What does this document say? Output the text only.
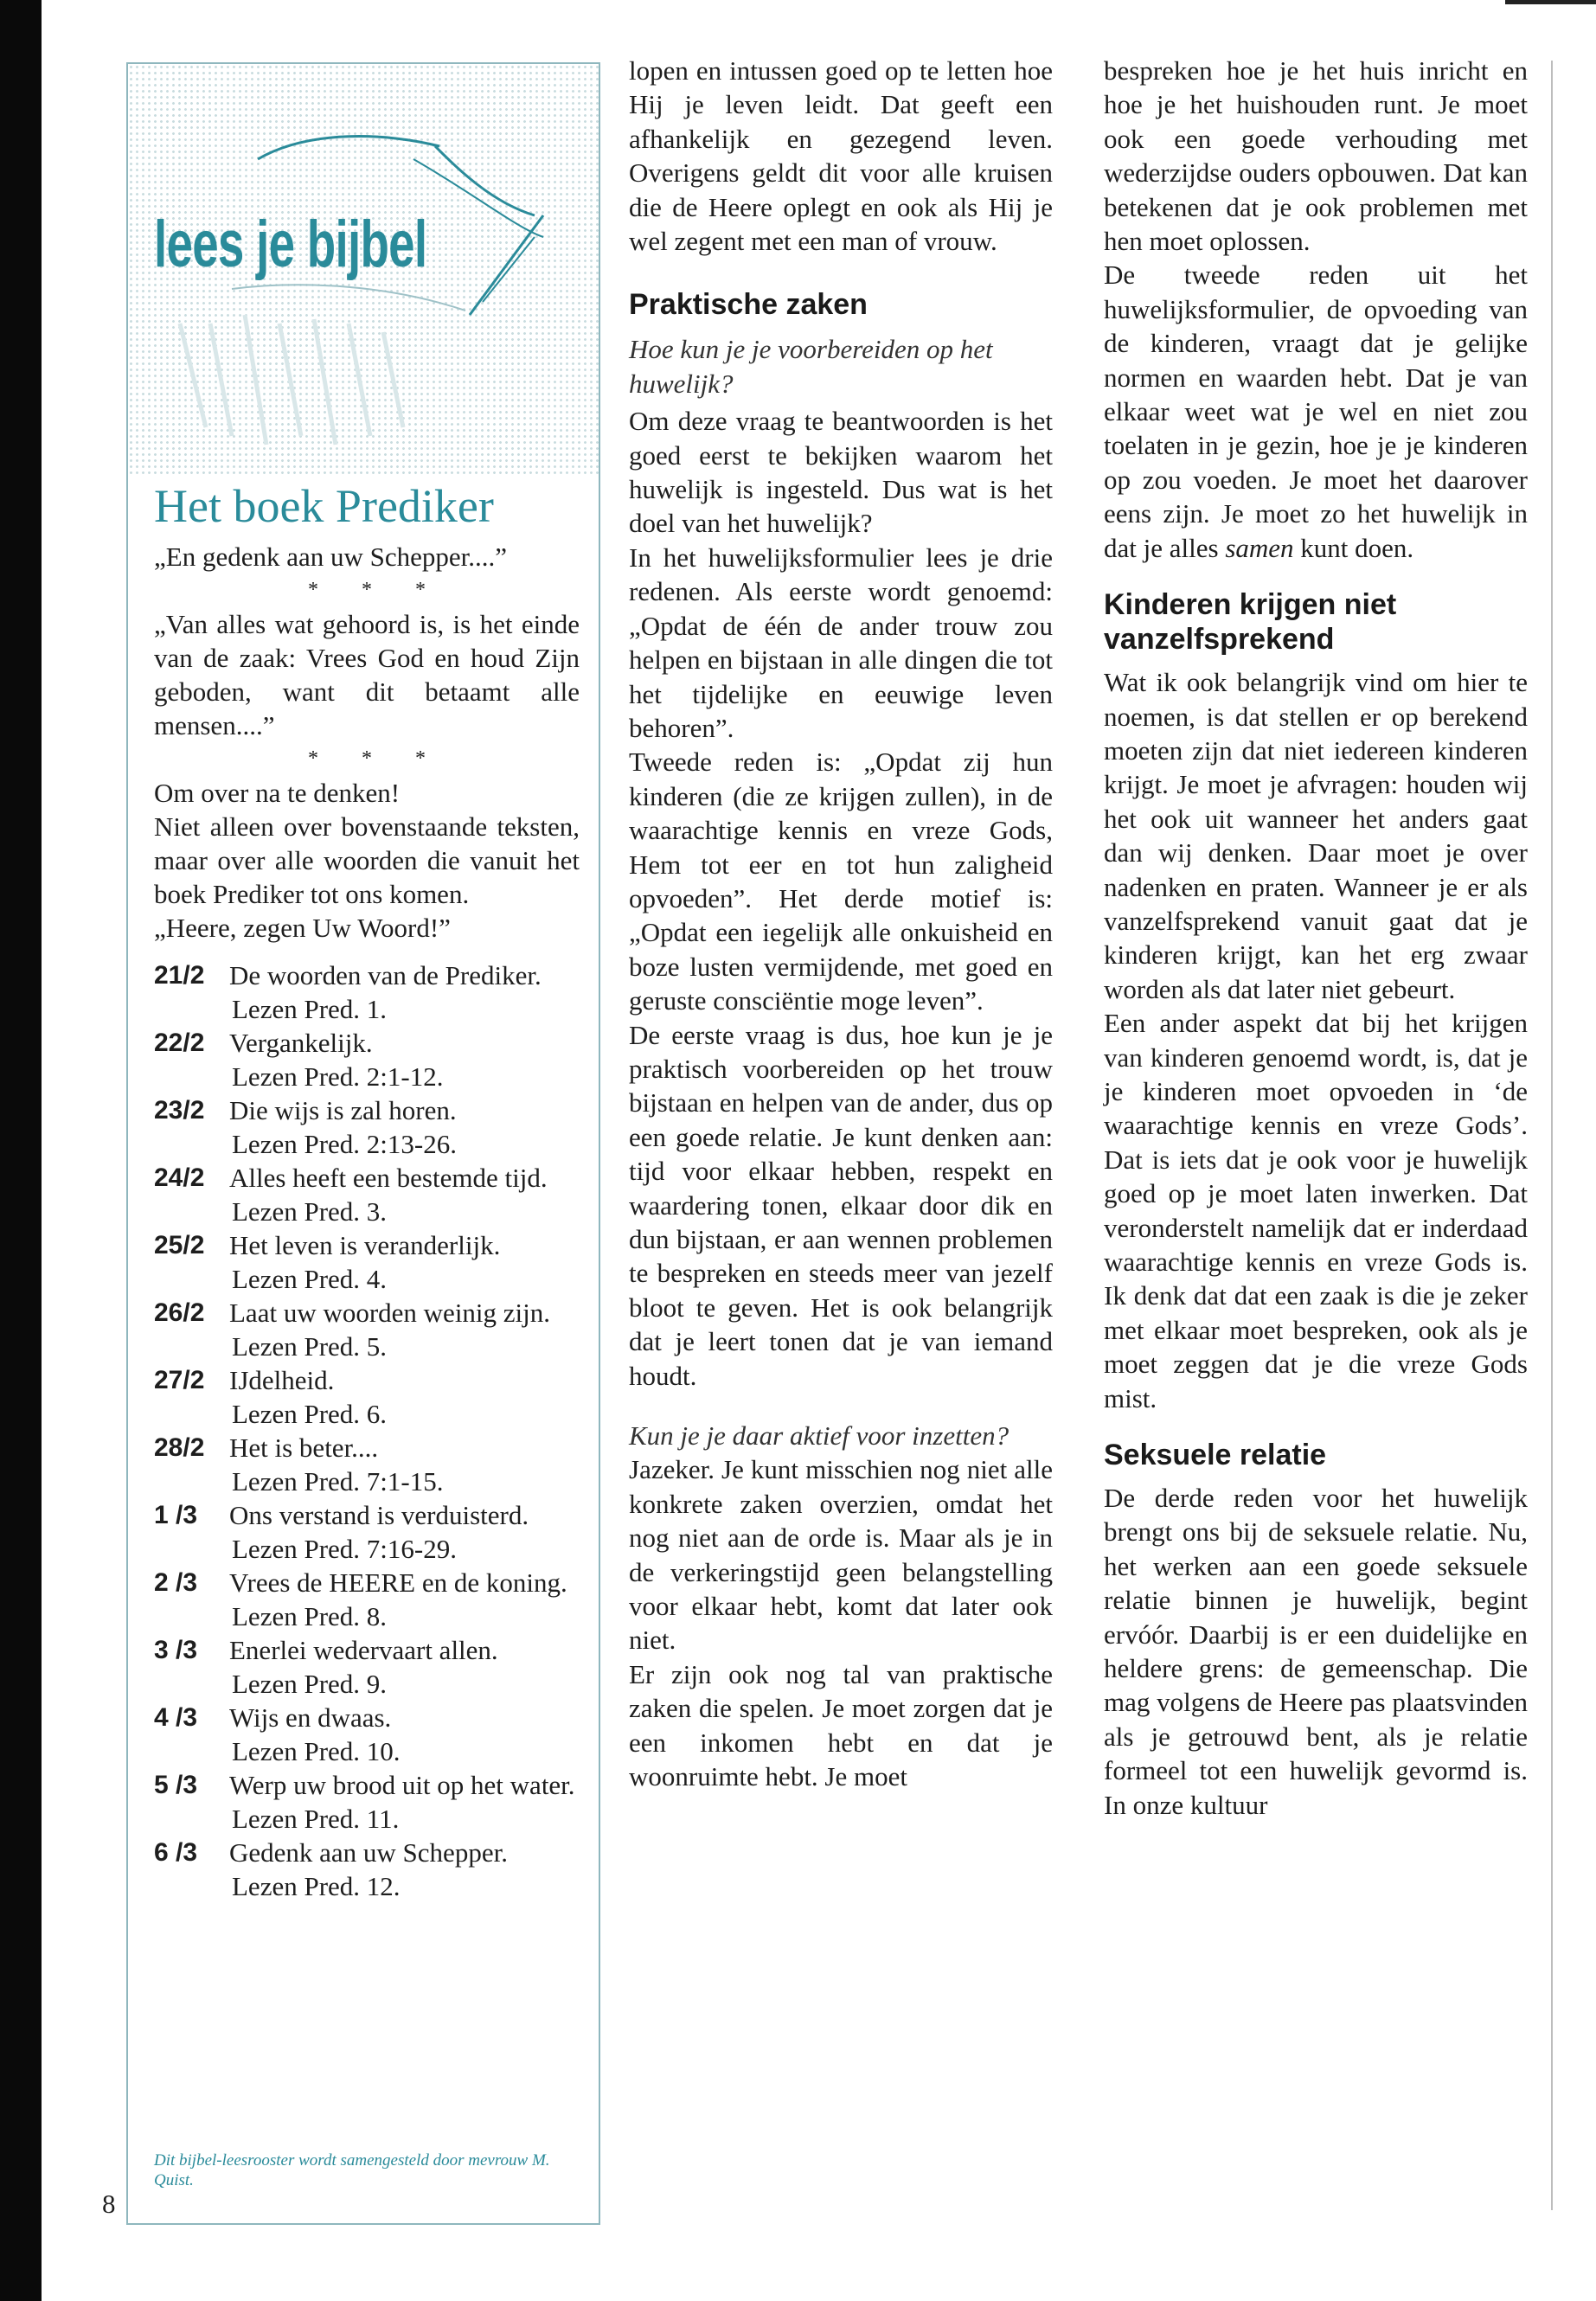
lees je bijbel
Het boek Prediker

„En gedenk aan uw Schepper....”

* * *

„Van alles wat gehoord is, is het einde van de zaak: Vrees God en houd Zijn geboden, want dit betaamt alle mensen....”

* * *

Om over na te denken!

Niet alleen over bovenstaande teksten, maar over alle woorden die vanuit het boek Prediker tot ons komen.

„Heere, zegen Uw Woord!”

21/2 De woorden van de Prediker.
Lezen Pred. 1.
22/2 Vergankelijk.
Lezen Pred. 2:1-12.
23/2 Die wijs is zal horen.
Lezen Pred. 2:13-26.
24/2 Alles heeft een bestemde tijd.
Lezen Pred. 3.
25/2 Het leven is veranderlijk.
Lezen Pred. 4.
26/2 Laat uw woorden weinig zijn.
Lezen Pred. 5.
27/2 IJdelheid.
Lezen Pred. 6.
28/2 Het is beter....
Lezen Pred. 7:1-15.
1 /3	Ons verstand is verduisterd.
Lezen Pred. 7:16-29.
2 /3	Vrees de HEERE en de koning.
Lezen Pred. 8.
3 /3	Enerlei wedervaart allen.
Lezen Pred. 9.
4 /3	Wijs en dwaas.
Lezen Pred. 10.
5 /3	Werp uw brood uit op het water.
Lezen Pred. 11.
6 /3	Gedenk aan uw Schepper.
Lezen Pred. 12.
Dit bijbel-leesrooster wordt samengesteld door mevrouw M. Quist.
8

lopen en intussen goed op te letten hoe Hij je leven leidt. Dat geeft een afhankelijk en gezegend leven. Overigens geldt dit voor alle kruisen die de Heere oplegt en ook als Hij je wel zegent met een man of vrouw.

Praktische zaken

Hoe kun je je voorbereiden op het huwelijk?

Om deze vraag te beantwoorden is het goed eerst te bekijken waarom het huwelijk is ingesteld. Dus wat is het doel van het huwelijk?

In het huwelijksformulier lees je drie redenen. Als eerste wordt genoemd: „Opdat de één de ander trouw zou helpen en bijstaan in alle dingen die tot het tijdelijke en eeuwige leven behoren”.

Tweede reden is: „Opdat zij hun kinderen (die ze krijgen zullen), in de waarachtige kennis en vreze Gods, Hem tot eer en tot hun zaligheid opvoeden”. Het derde motief is: „Opdat een iegelijk alle onkuisheid en boze lusten vermijdende, met goed en geruste consciëntie moge leven”.

De eerste vraag is dus, hoe kun je je praktisch voorbereiden op het trouw bijstaan en helpen van de ander, dus op een goede relatie. Je kunt denken aan: tijd voor elkaar hebben, respekt en waardering tonen, elkaar door dik en dun bijstaan, er aan wennen problemen te bespreken en steeds meer van jezelf bloot te geven. Het is ook belangrijk dat je leert tonen dat je van iemand houdt.

Kun je je daar aktief voor inzetten?

Jazeker. Je kunt misschien nog niet alle konkrete zaken overzien, omdat het nog niet aan de orde is. Maar als je in de verkeringstijd geen belangstelling voor elkaar hebt, komt dat later ook niet.

Er zijn ook nog tal van praktische zaken die spelen. Je moet zorgen dat je een inkomen hebt en dat je woonruimte hebt. Je moet

bespreken hoe je het huis inricht en hoe je het huishouden runt. Je moet ook een goede verhouding met wederzijdse ouders opbouwen. Dat kan betekenen dat je ook problemen met hen moet oplossen.

De tweede reden uit het huwelijksformulier, de opvoeding van de kinderen, vraagt dat je gelijke normen en waarden hebt. Dat je van elkaar weet wat je wel en niet zou toelaten in je gezin, hoe je je kinderen op zou voeden. Je moet het daarover eens zijn. Je moet zo het huwelijk in dat je alles samen kunt doen.

Kinderen krijgen niet vanzelfsprekend

Wat ik ook belangrijk vind om hier te noemen, is dat stellen er op berekend moeten zijn dat niet iedereen kinderen krijgt. Je moet je afvragen: houden wij het ook uit wanneer het anders gaat dan wij denken. Daar moet je over nadenken en praten. Wanneer je er als vanzelfsprekend vanuit gaat dat je kinderen krijgt, kan het erg zwaar worden als dat later niet gebeurt.

Een ander aspekt dat bij het krijgen van kinderen genoemd wordt, is, dat je je kinderen moet opvoeden in ‘de waarachtige kennis en vreze Gods’. Dat is iets dat je ook voor je huwelijk goed op je moet laten inwerken. Dat veronderstelt namelijk dat er inderdaad waarachtige kennis en vreze Gods is. Ik denk dat dat een zaak is die je zeker met elkaar moet bespreken, ook als je moet zeggen dat je die vreze Gods mist.

Seksuele relatie

De derde reden voor het huwelijk brengt ons bij de seksuele relatie. Nu, het werken aan een goede seksuele relatie binnen je huwelijk, begint ervóór. Daarbij is er een duidelijke en heldere grens: de gemeenschap. Die mag volgens de Heere pas plaatsvinden als je getrouwd bent, als je relatie formeel tot een huwelijk gevormd is. In onze kultuur
